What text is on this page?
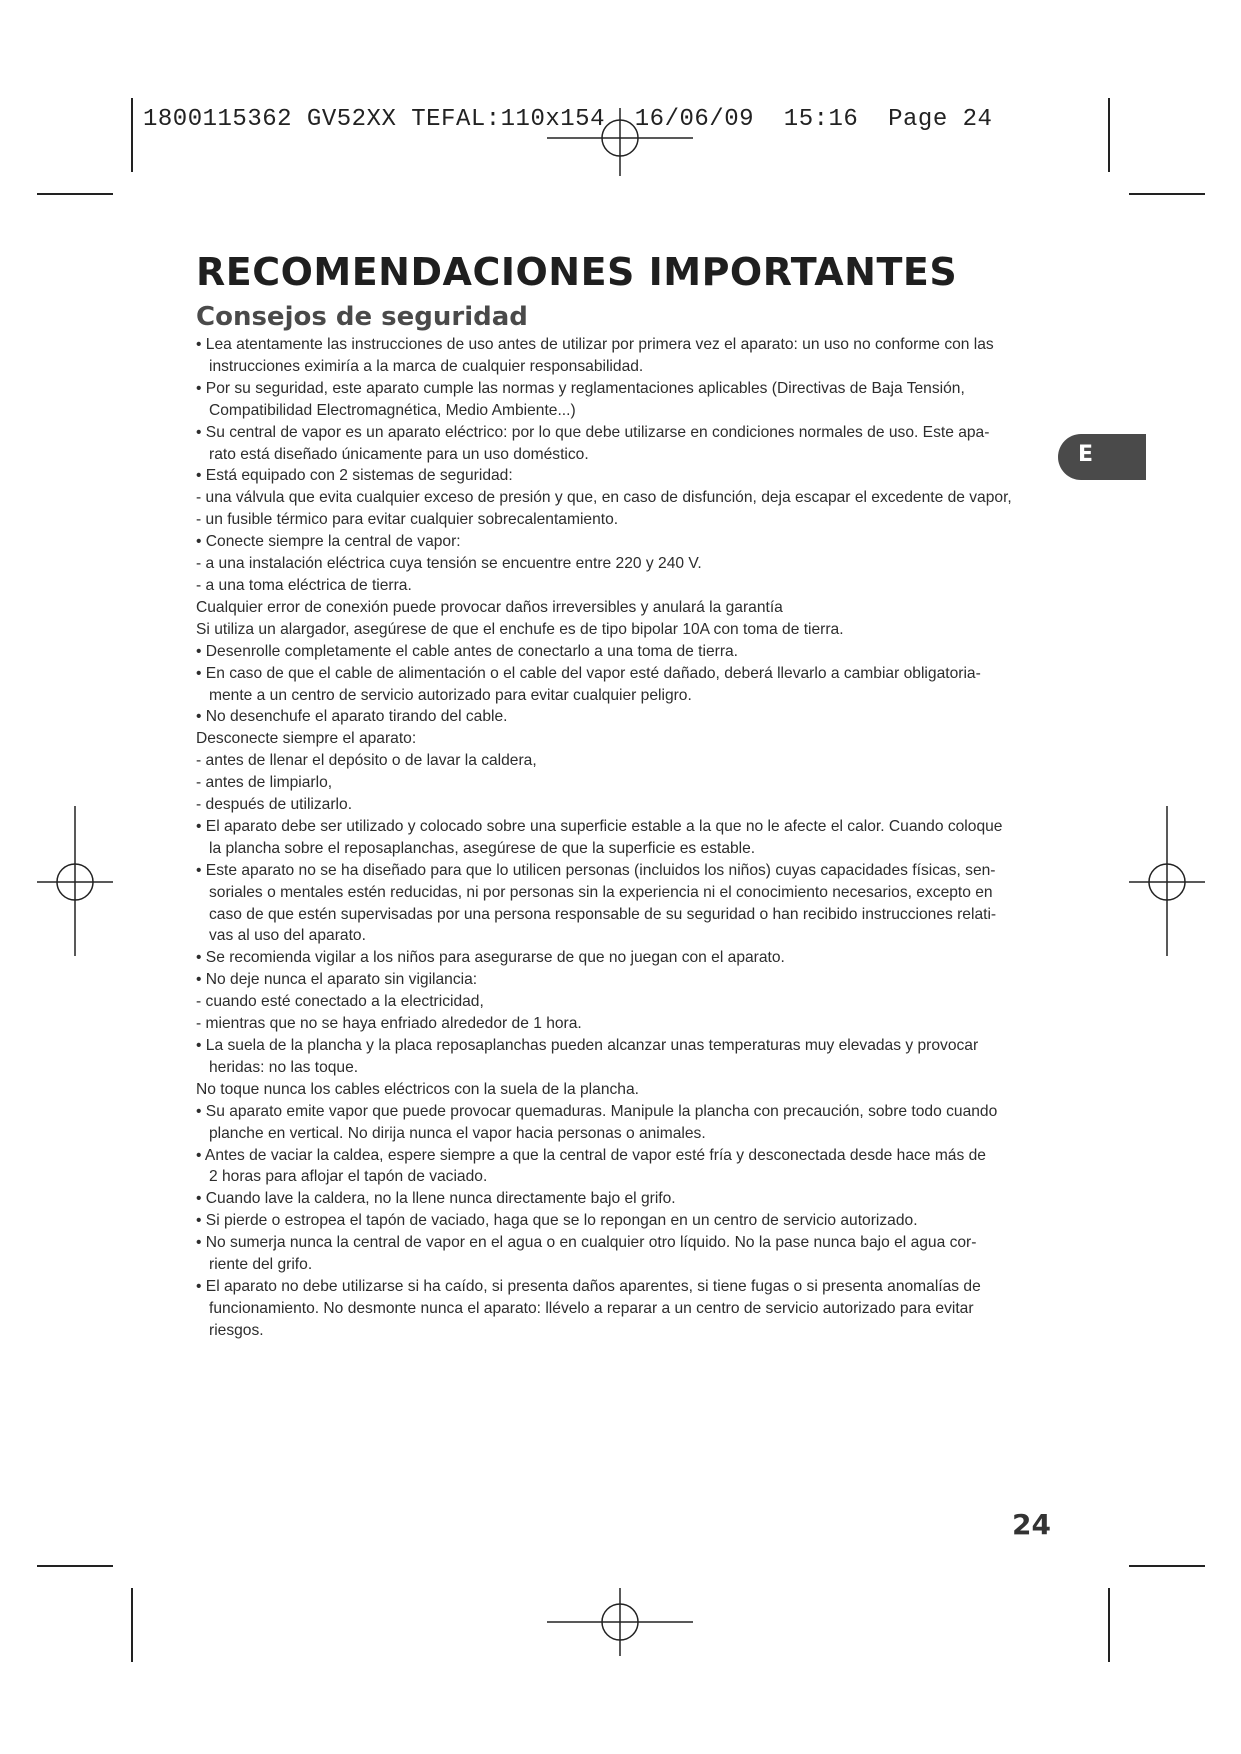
1800115362 GV52XX TEFAL:110x154  16/06/09  15:16  Page 24
RECOMENDACIONES IMPORTANTES
Consejos de seguridad
E
• Lea atentamente las instrucciones de uso antes de utilizar por primera vez el aparato: un uso no conforme con las
instrucciones eximiría a la marca de cualquier responsabilidad.
• Por su seguridad, este aparato cumple las normas y reglamentaciones aplicables (Directivas de Baja Tensión,
Compatibilidad Electromagnética, Medio Ambiente...)
• Su central de vapor es un aparato eléctrico: por lo que debe utilizarse en condiciones normales de uso. Este apa-
rato está diseñado únicamente para un uso doméstico.
• Está equipado con 2 sistemas de seguridad:
- una válvula que evita cualquier exceso de presión y que, en caso de disfunción, deja escapar el excedente de vapor,
- un fusible térmico para evitar cualquier sobrecalentamiento.
• Conecte siempre la central de vapor:
- a una instalación eléctrica cuya tensión se encuentre entre 220 y 240 V.
- a una toma eléctrica de tierra.
Cualquier error de conexión puede provocar daños irreversibles y anulará la garantía
Si utiliza un alargador, asegúrese de que el enchufe es de tipo bipolar 10A con toma de tierra.
• Desenrolle completamente el cable antes de conectarlo a una toma de tierra.
• En caso de que el cable de alimentación o el cable del vapor esté dañado, deberá llevarlo a cambiar obligatoria-
mente a un centro de servicio autorizado para evitar cualquier peligro.
• No desenchufe el aparato tirando del cable.
Desconecte siempre el aparato:
- antes de llenar el depósito o de lavar la caldera,
- antes de limpiarlo,
- después de utilizarlo.
• El aparato debe ser utilizado y colocado sobre una superficie estable a la que no le afecte el calor. Cuando coloque
la plancha sobre el reposaplanchas, asegúrese de que la superficie es estable.
• Este aparato no se ha diseñado para que lo utilicen personas (incluidos los niños) cuyas capacidades físicas, sen-
soriales o mentales estén reducidas, ni por personas sin la experiencia ni el conocimiento necesarios, excepto en
caso de que estén supervisadas por una persona responsable de su seguridad o han recibido instrucciones relati-
vas al uso del aparato.
• Se recomienda vigilar a los niños para asegurarse de que no juegan con el aparato.
• No deje nunca el aparato sin vigilancia:
- cuando esté conectado a la electricidad,
- mientras que no se haya enfriado alrededor de 1 hora.
• La suela de la plancha y la placa reposaplanchas pueden alcanzar unas temperaturas muy elevadas y provocar
heridas: no las toque.
No toque nunca los cables eléctricos con la suela de la plancha.
• Su aparato emite vapor que puede provocar quemaduras. Manipule la plancha con precaución, sobre todo cuando
planche en vertical. No dirija nunca el vapor hacia personas o animales.
• Antes de vaciar la caldea, espere siempre a que la central de vapor esté fría y desconectada desde hace más de
2 horas para aflojar el tapón de vaciado.
• Cuando lave la caldera, no la llene nunca directamente bajo el grifo.
• Si pierde o estropea el tapón de vaciado, haga que se lo repongan en un centro de servicio autorizado.
• No sumerja nunca la central de vapor en el agua o en cualquier otro líquido. No la pase nunca bajo el agua cor-
riente del grifo.
• El aparato no debe utilizarse si ha caído, si presenta daños aparentes, si tiene fugas o si presenta anomalías de
funcionamiento. No desmonte nunca el aparato: llévelo a reparar a un centro de servicio autorizado para evitar
riesgos.
24
